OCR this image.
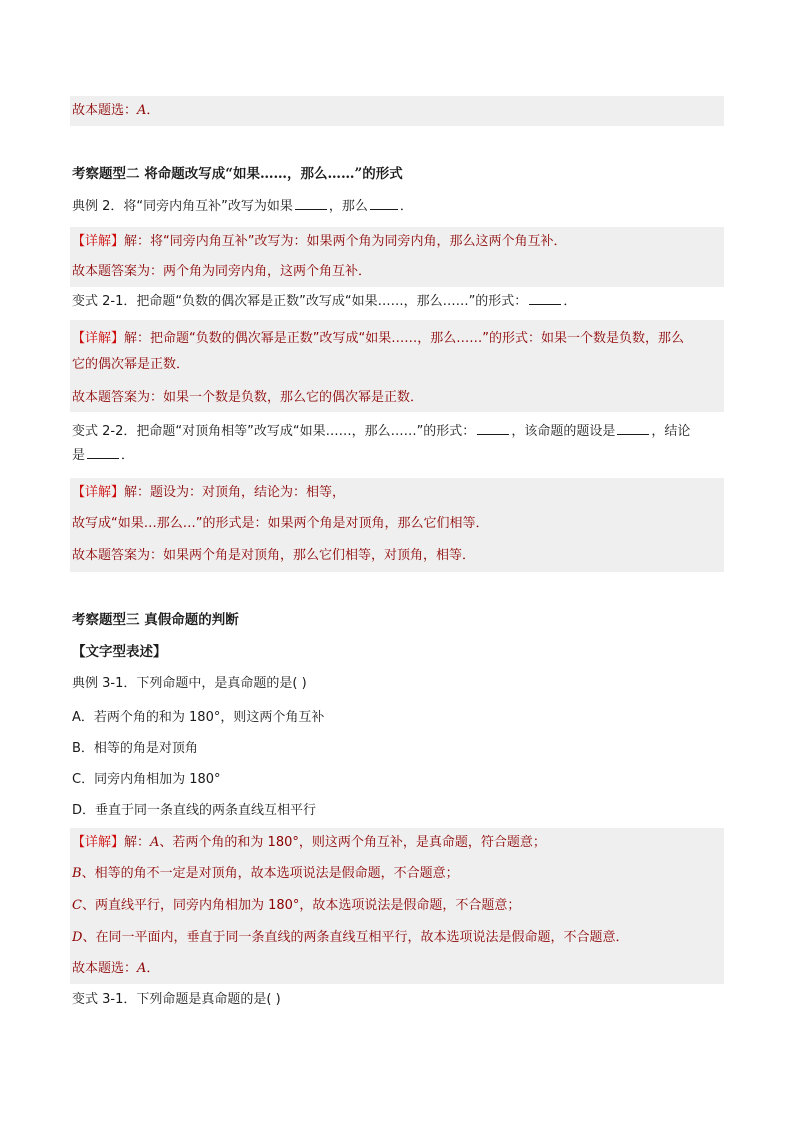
故本题选：A．
考察题型二 将命题改写成“如果……，那么……”的形式
典例 2．将“同旁内角互补”改写为如果	，那么 ．
【详解】解：将“同旁内角互补”改写为：如果两个角为同旁内角，那么这两个角互补．
故本题答案为：两个角为同旁内角，这两个角互补．
变式 2-1．把命题“负数的偶次幂是正数”改写成“如果……，那么……”的形式：	．
【详解】解：把命题“负数的偶次幂是正数”改写成“如果……，那么……”的形式：如果一个数是负数，那么
它的偶次幂是正数．
故本题答案为：如果一个数是负数，那么它的偶次幂是正数．
变式 2-2．把命题“对顶角相等”改写成“如果……，那么……”的形式：	，该命题的题设是	，结论
是	．
【详解】解：题设为：对顶角，结论为：相等，
故写成“如果…那么…”的形式是：如果两个角是对顶角，那么它们相等．
故本题答案为：如果两个角是对顶角，那么它们相等，对顶角，相等．
考察题型三 真假命题的判断
【文字型表述】
典例 3-1．下列命题中，是真命题的是( )
A．若两个角的和为 180°，则这两个角互补
B．相等的角是对顶角
C．同旁内角相加为 180°
D．垂直于同一条直线的两条直线互相平行
【详解】解：A、若两个角的和为 180°，则这两个角互补，是真命题，符合题意；
B、相等的角不一定是对顶角，故本选项说法是假命题，不合题意；
C、两直线平行，同旁内角相加为 180°，故本选项说法是假命题，不合题意；
D、在同一平面内，垂直于同一条直线的两条直线互相平行，故本选项说法是假命题，不合题意．
故本题选：A．
变式 3-1．下列命题是真命题的是( )
